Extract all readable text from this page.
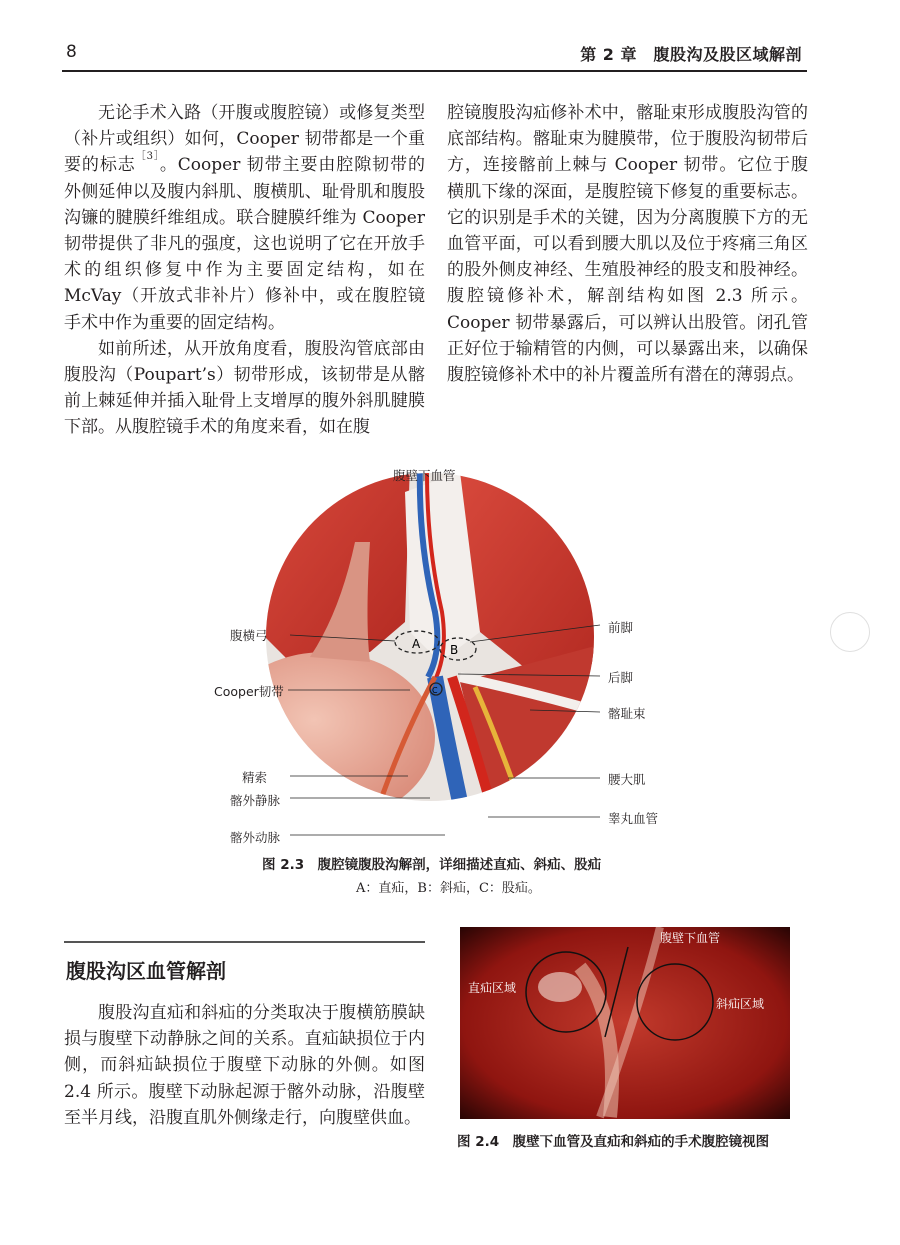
8	第 2 章　腹股沟及股区域解剖

无论手术入路（开腹或腹腔镜）或修复类型（补片或组织）如何，Cooper 韧带都是一个重要的标志$^{[3]}$。Cooper 韧带主要由腔隙韧带的外侧延伸以及腹内斜肌、腹横肌、耻骨肌和腹股沟镰的腱膜纤维组成。联合腱膜纤维为 Cooper 韧带提供了非凡的强度，这也说明了它在开放手术的组织修复中作为主要固定结构，如在 McVay（开放式非补片）修补中，或在腹腔镜手术中作为重要的固定结构。

如前所述，从开放角度看，腹股沟管底部由腹股沟（Poupart’s）韧带形成，该韧带是从髂前上棘延伸并插入耻骨上支增厚的腹外斜肌腱膜下部。从腹腔镜手术的角度来看，如在腹

腔镜腹股沟疝修补术中，髂耻束形成腹股沟管的底部结构。髂耻束为腱膜带，位于腹股沟韧带后方，连接髂前上棘与 Cooper 韧带。它位于腹横肌下缘的深面，是腹腔镜下修复的重要标志。它的识别是手术的关键，因为分离腹膜下方的无血管平面，可以看到腰大肌以及位于疼痛三角区的股外侧皮神经、生殖股神经的股支和股神经。腹腔镜修补术，解剖结构如图 2.3 所示。Cooper 韧带暴露后，可以辨认出股管。闭孔管正好位于输精管的内侧，可以暴露出来，以确保腹腔镜修补术中的补片覆盖所有潜在的薄弱点。

A B
C
腹壁下血管
腹横弓
Cooper韧带
精索
髂外静脉
髂外动脉
前脚
后脚
髂耻束
腰大肌
睾丸血管
图 2.3　腹腔镜腹股沟解剖，详细描述直疝、斜疝、股疝
A：直疝，B：斜疝，C：股疝。
腹股沟区血管解剖

腹股沟直疝和斜疝的分类取决于腹横筋膜缺损与腹壁下动静脉之间的关系。直疝缺损位于内侧，而斜疝缺损位于腹壁下动脉的外侧。如图 2.4 所示。腹壁下动脉起源于髂外动脉，沿腹壁至半月线，沿腹直肌外侧缘走行，向腹壁供血。

腹壁下血管
直疝区域
斜疝区域
图 2.4　腹壁下血管及直疝和斜疝的手术腹腔镜视图
